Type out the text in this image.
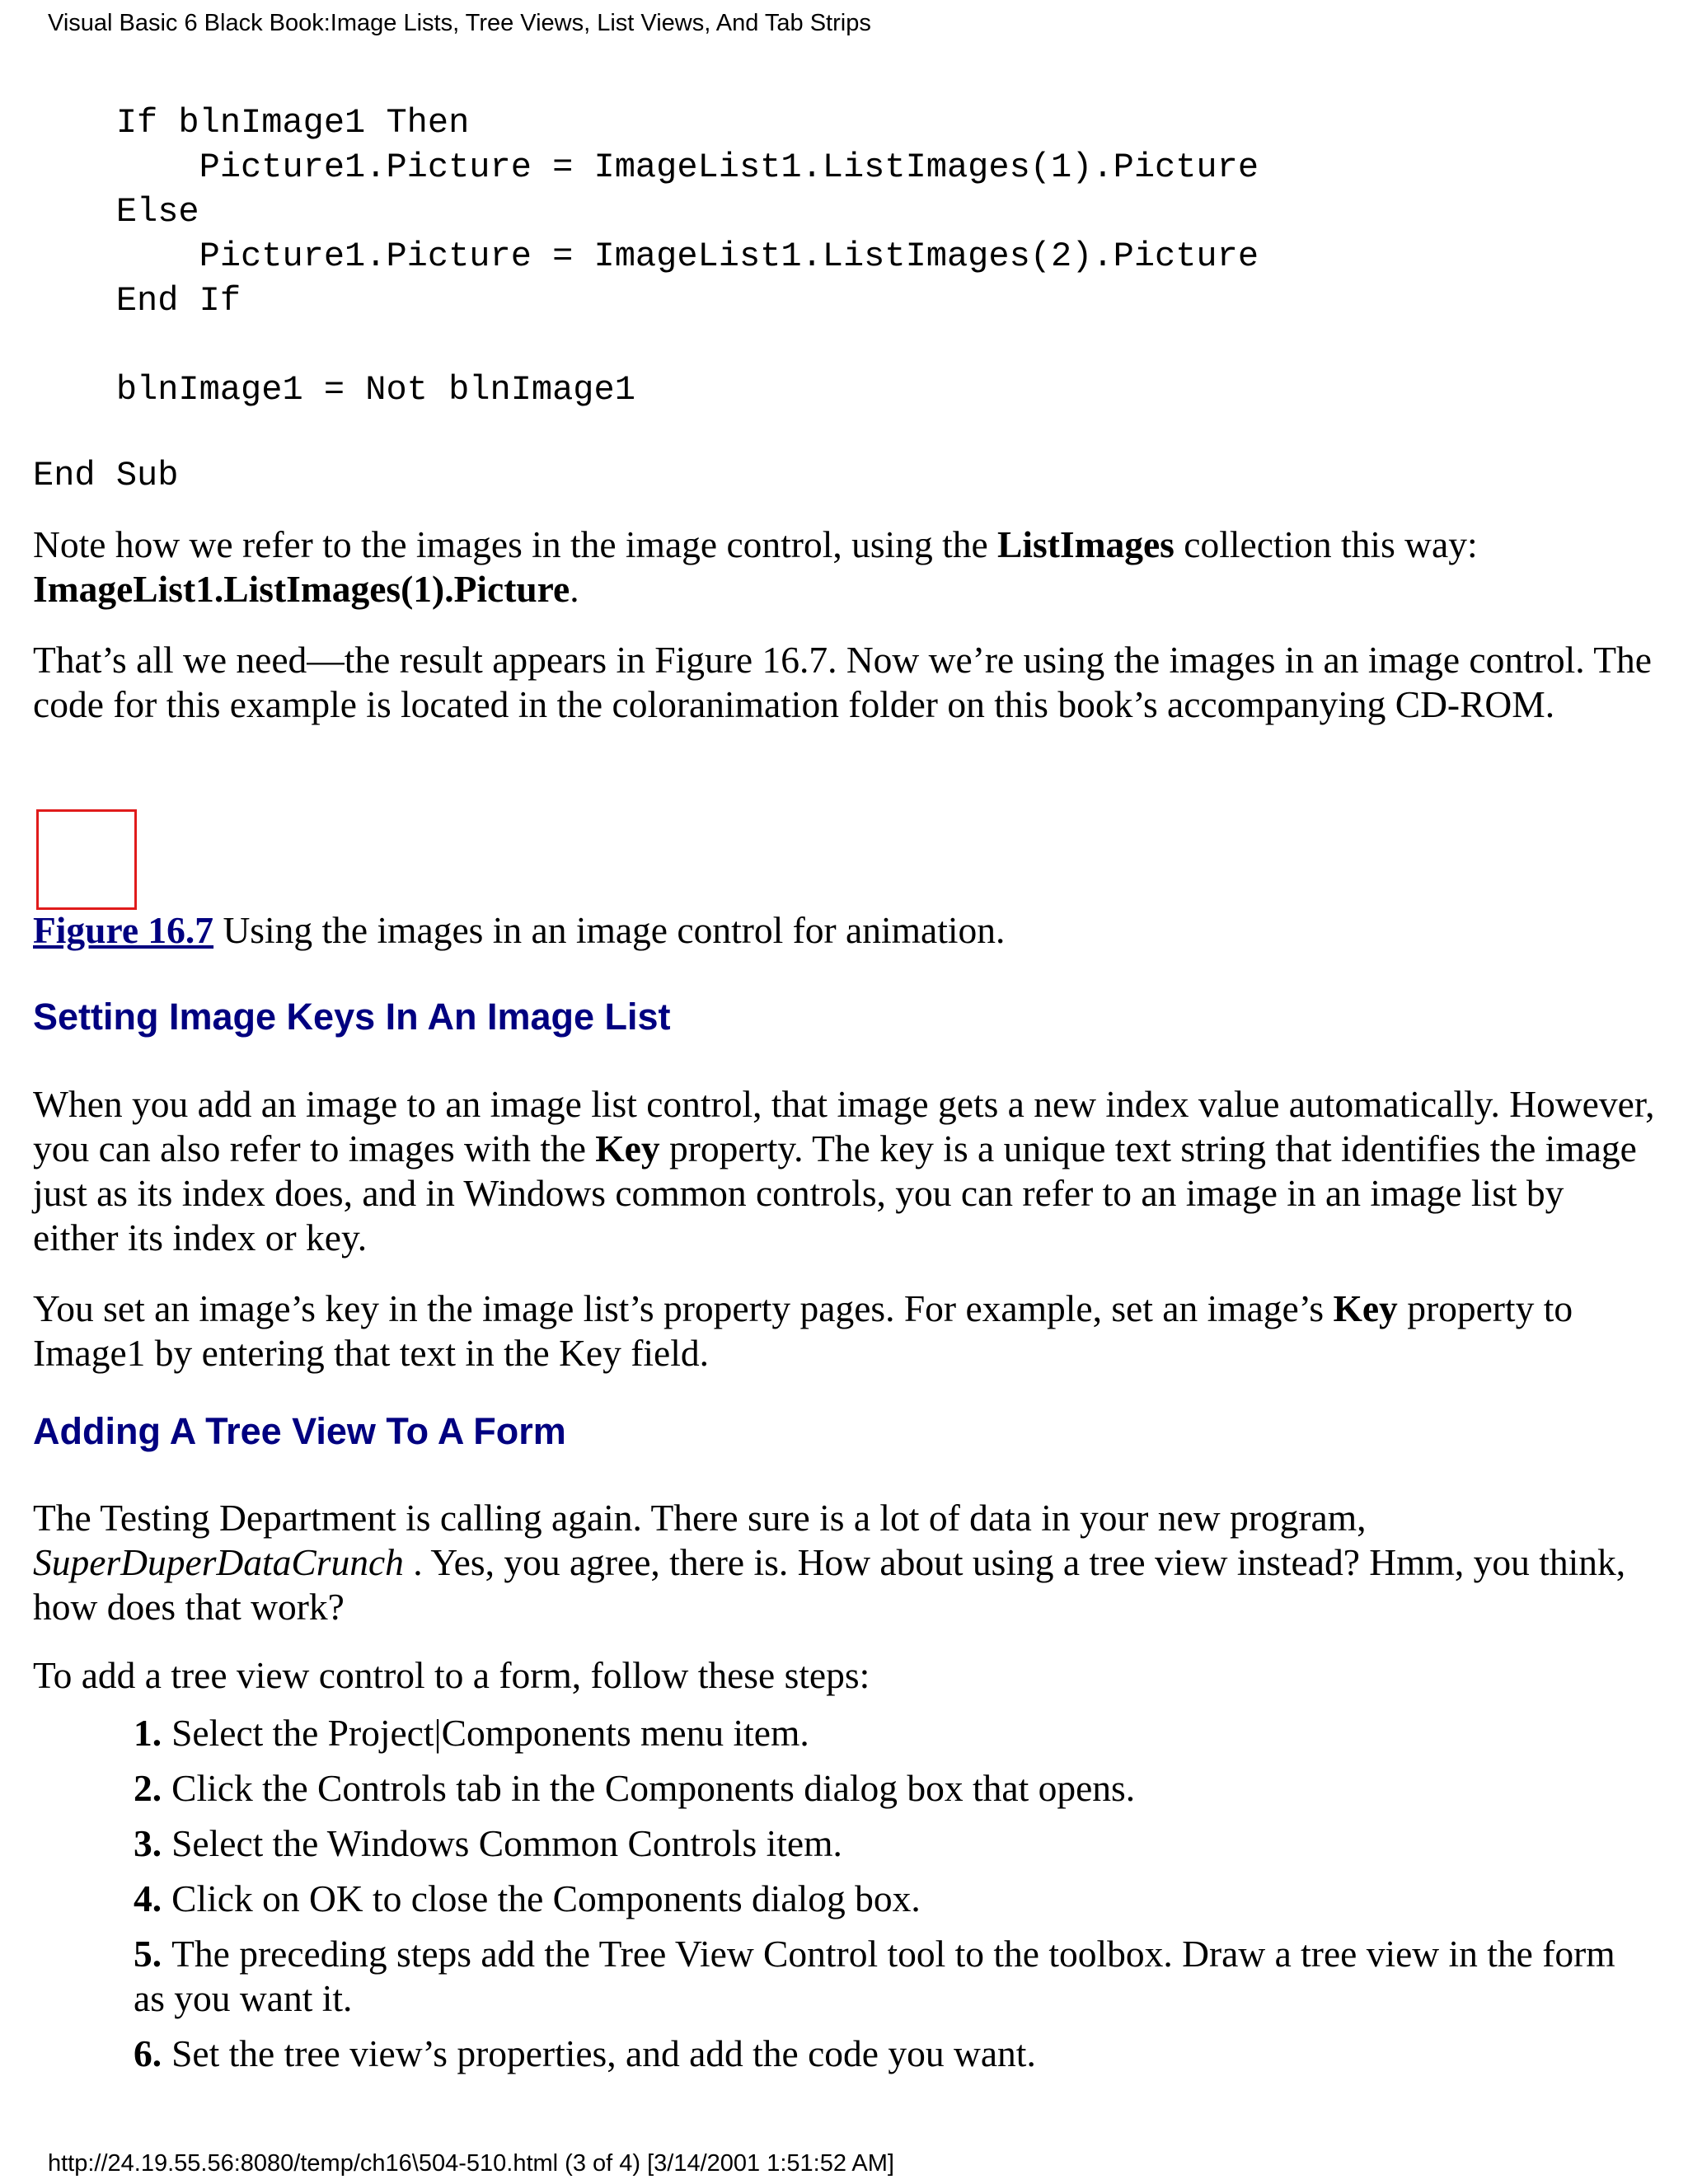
Visual Basic 6 Black Book:Image Lists, Tree Views, List Views, And Tab Strips
If blnImage1 Then
Picture1.Picture = ImageList1.ListImages(1).Picture
Else
Picture1.Picture = ImageList1.ListImages(2).Picture
End If

blnImage1 = Not blnImage1
End Sub

Note how we refer to the images in the image control, using the ListImages collection this way:
ImageList1.ListImages(1).Picture.

That’s all we need—the result appears in Figure 16.7. Now we’re using the images in an image control. The code for this example is located in the coloranimation folder on this book’s accompanying CD-ROM.

Figure 16.7 Using the images in an image control for animation.
Setting Image Keys In An Image List

When you add an image to an image list control, that image gets a new index value automatically. However, you can also refer to images with the Key property. The key is a unique text string that identifies the image just as its index does, and in Windows common controls, you can refer to an image in an image list by either its index or key.

You set an image’s key in the image list’s property pages. For example, set an image’s Key property to Image1 by entering that text in the Key field.

Adding A Tree View To A Form

The Testing Department is calling again. There sure is a lot of data in your new program, SuperDuperDataCrunch . Yes, you agree, there is. How about using a tree view instead? Hmm, you think, how does that work?

To add a tree view control to a form, follow these steps:

1. Select the Project|Components menu item.
2. Click the Controls tab in the Components dialog box that opens.
3. Select the Windows Common Controls item.
4. Click on OK to close the Components dialog box.
5. The preceding steps add the Tree View Control tool to the toolbox. Draw a tree view in the form as you want it.
6. Set the tree view’s properties, and add the code you want.
http://24.19.55.56:8080/temp/ch16\504-510.html (3 of 4) [3/14/2001 1:51:52 AM]
